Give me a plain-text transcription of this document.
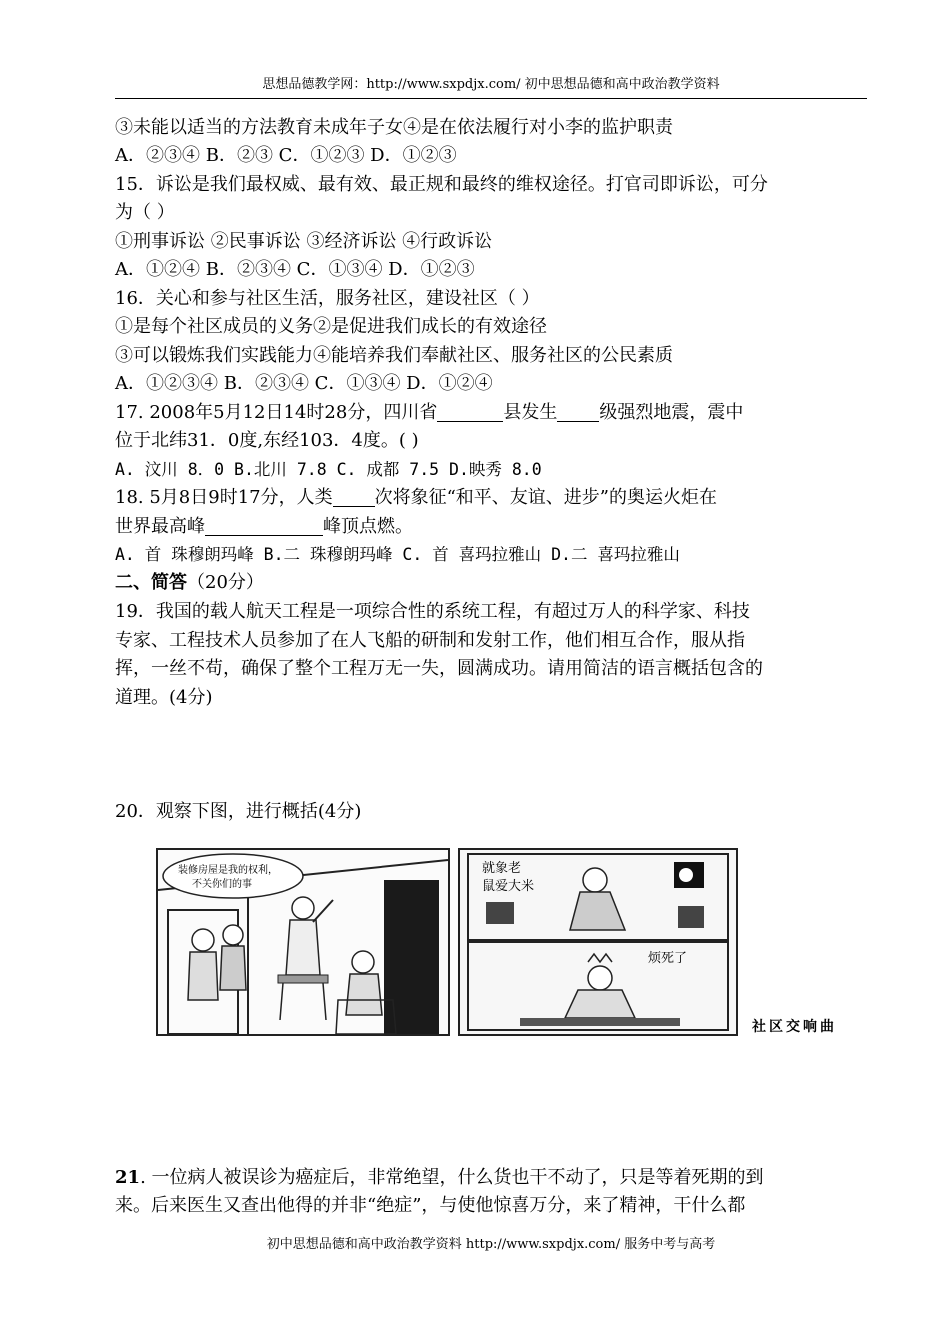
思想品德教学网：http://www.sxpdjx.com/ 初中思想品德和高中政治教学资料
③未能以适当的方法教育未成年子女④是在依法履行对小李的监护职责
A．②③④ B．②③ C．①②③ D．①②③
15．诉讼是我们最权威、最有效、最正规和最终的维权途径。打官司即诉讼，可分
为（ ）
①刑事诉讼 ②民事诉讼 ③经济诉讼 ④行政诉讼
A．①②④ B．②③④ C．①③④ D．①②③
16．关心和参与社区生活，服务社区，建设社区（ ）
①是每个社区成员的义务②是促进我们成长的有效途径
③可以锻炼我们实践能力④能培养我们奉献社区、服务社区的公民素质
A．①②③④ B．②③④ C．①③④ D．①②④
17. 2008年5月12日14时28分，四川省	县发生 级强烈地震，震中
位于北纬31．0度,东经103．4度。( )
A. 汶川 8．0 B.北川 7.8 C. 成都 7.5 D.映秀 8.0
18. 5月8日9时17分，人类 次将象征“和平、友谊、进步”的奥运火炬在
世界最高峰	峰顶点燃。
A. 首 珠穆朗玛峰 B.二 珠穆朗玛峰 C. 首 喜玛拉雅山 D.二 喜玛拉雅山
二、简答（20分）
19．我国的载人航天工程是一项综合性的系统工程，有超过万人的科学家、科技
专家、工程技术人员参加了在人飞船的研制和发射工作，他们相互合作，服从指
挥，一丝不苟，确保了整个工程万无一失，圆满成功。请用简洁的语言概括包含的
道理。(4分)
20．观察下图，进行概括(4分)
装修房屋是我的权利，
不关你们的事
就象老
鼠爱大米
烦死了
社区交响曲
21. 一位病人被误诊为癌症后，非常绝望，什么货也干不动了，只是等着死期的到
来。后来医生又查出他得的并非“绝症”，与使他惊喜万分，来了精神，干什么都
初中思想品德和高中政治教学资料 http://www.sxpdjx.com/ 服务中考与高考
